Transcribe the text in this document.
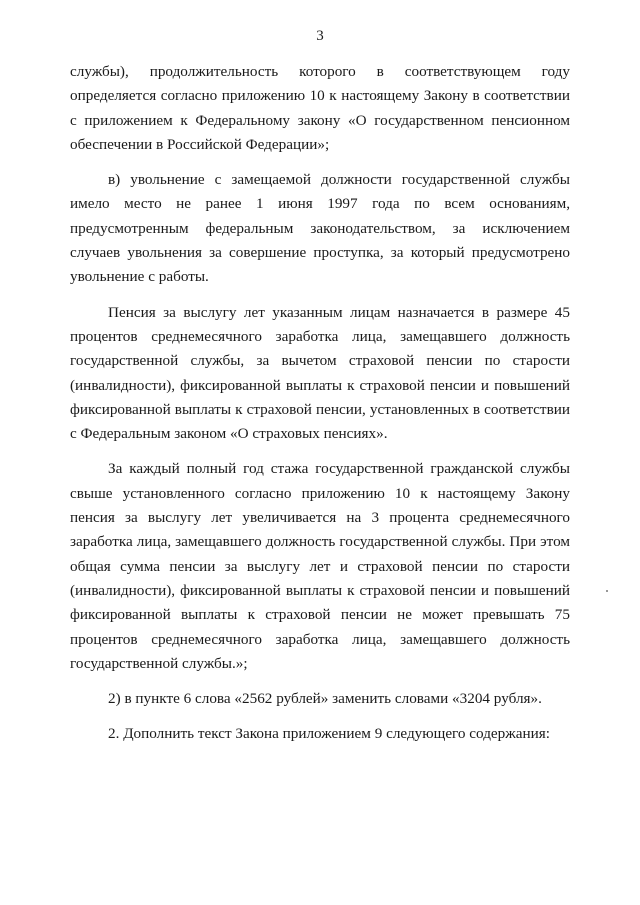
3

службы), продолжительность которого в соответствующем году определяется согласно приложению 10 к настоящему Закону в соответствии с приложением к Федеральному закону «О государственном пенсионном обеспечении в Российской Федерации»;

в) увольнение с замещаемой должности государственной службы имело место не ранее 1 июня 1997 года по всем основаниям, предусмотренным федеральным законодательством, за исключением случаев увольнения за совершение проступка, за который предусмотрено увольнение с работы.

Пенсия за выслугу лет указанным лицам назначается в размере 45 процентов среднемесячного заработка лица, замещавшего должность государственной службы, за вычетом страховой пенсии по старости (инвалидности), фиксированной выплаты к страховой пенсии и повышений фиксированной выплаты к страховой пенсии, установленных в соответствии с Федеральным законом «О страховых пенсиях».

За каждый полный год стажа государственной гражданской службы свыше установленного согласно приложению 10 к настоящему Закону пенсия за выслугу лет увеличивается на 3 процента среднемесячного заработка лица, замещавшего должность государственной службы. При этом общая сумма пенсии за выслугу лет и страховой пенсии по старости (инвалидности), фиксированной выплаты к страховой пенсии и повышений фиксированной выплаты к страховой пенсии не может превышать 75 процентов среднемесячного заработка лица, замещавшего должность государственной службы.»;

2) в пункте 6 слова «2562 рублей» заменить словами «3204 рубля».

2. Дополнить текст Закона приложением 9 следующего содержания:
